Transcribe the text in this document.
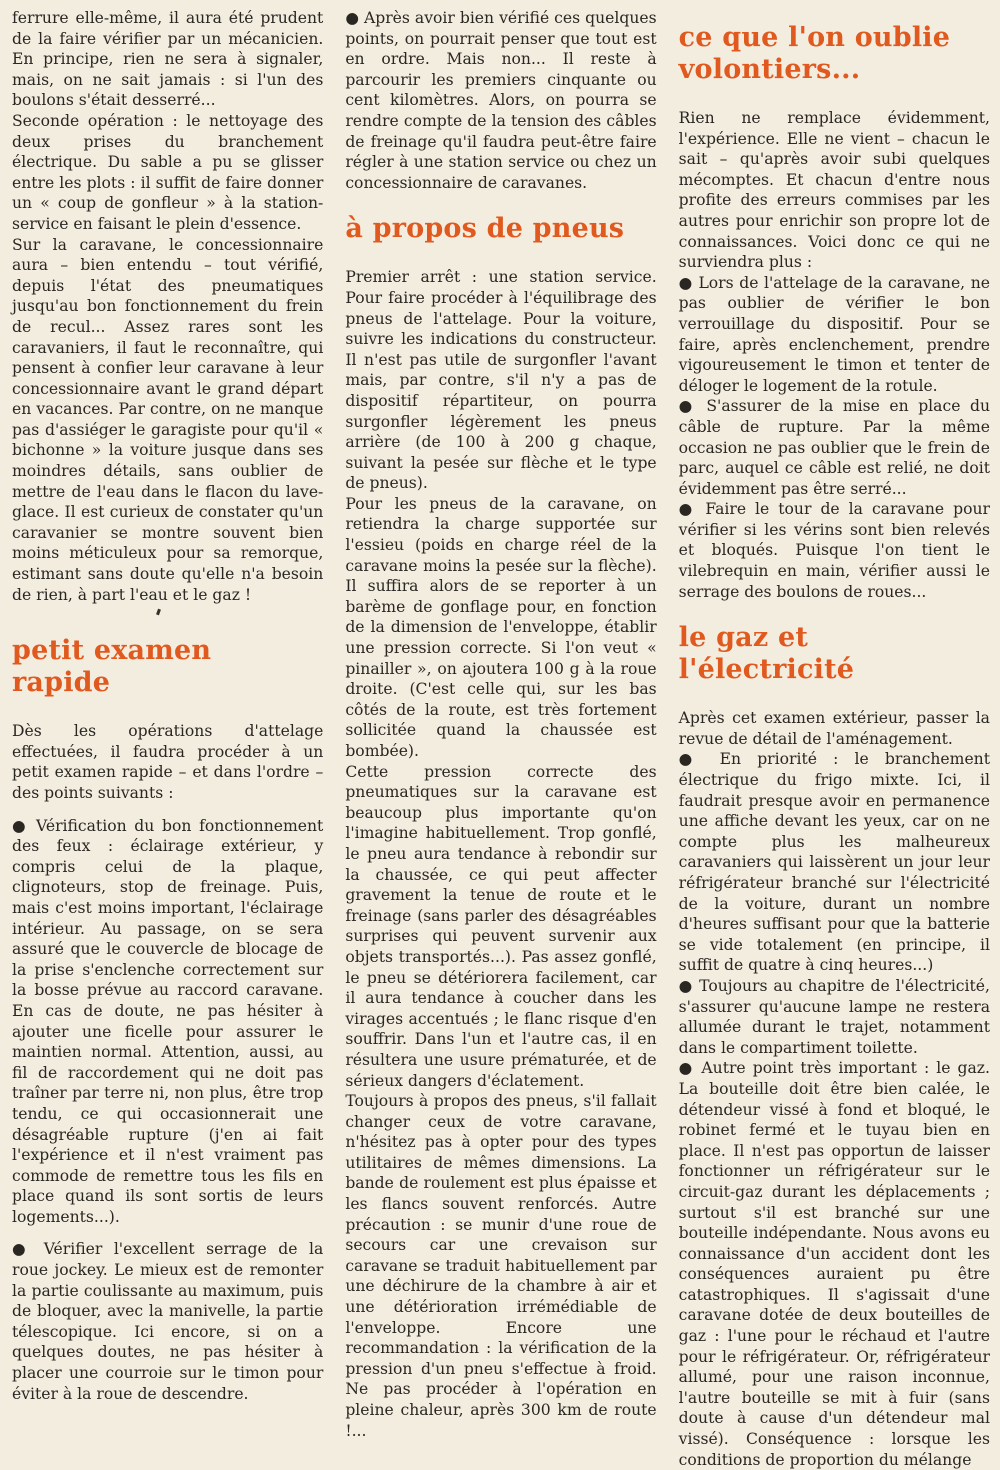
ferrure elle-même, il aura été prudent de la faire vérifier par un mécanicien. En principe, rien ne sera à signaler, mais, on ne sait jamais : si l'un des boulons s'était desserré...

Seconde opération : le nettoyage des deux prises du branchement électrique. Du sable a pu se glisser entre les plots : il suffit de faire donner un « coup de gonfleur » à la station-service en faisant le plein d'essence.

Sur la caravane, le concessionnaire aura – bien entendu – tout vérifié, depuis l'état des pneumatiques jusqu'au bon fonctionnement du frein de recul... Assez rares sont les caravaniers, il faut le reconnaître, qui pensent à confier leur caravane à leur concessionnaire avant le grand départ en vacances. Par contre, on ne manque pas d'assiéger le garagiste pour qu'il « bichonne » la voiture jusque dans ses moindres détails, sans oublier de mettre de l'eau dans le flacon du lave-glace. Il est curieux de constater qu'un caravanier se montre souvent bien moins méticuleux pour sa remorque, estimant sans doute qu'elle n'a besoin de rien, à part l'eau et le gaz !

petit examen rapide

Dès les opérations d'attelage effectuées, il faudra procéder à un petit examen rapide – et dans l'ordre – des points suivants :

● Vérification du bon fonctionnement des feux : éclairage extérieur, y compris celui de la plaque, clignoteurs, stop de freinage. Puis, mais c'est moins important, l'éclairage intérieur. Au passage, on se sera assuré que le couvercle de blocage de la prise s'enclenche correctement sur la bosse prévue au raccord caravane. En cas de doute, ne pas hésiter à ajouter une ficelle pour assurer le maintien normal. Attention, aussi, au fil de raccordement qui ne doit pas traîner par terre ni, non plus, être trop tendu, ce qui occasionnerait une désagréable rupture (j'en ai fait l'expérience et il n'est vraiment pas commode de remettre tous les fils en place quand ils sont sortis de leurs logements...).

● Vérifier l'excellent serrage de la roue jockey. Le mieux est de remonter la partie coulissante au maximum, puis de bloquer, avec la manivelle, la partie télescopique. Ici encore, si on a quelques doutes, ne pas hésiter à placer une courroie sur le timon pour éviter à la roue de descendre.

● Après avoir bien vérifié ces quelques points, on pourrait penser que tout est en ordre. Mais non... Il reste à parcourir les premiers cinquante ou cent kilomètres. Alors, on pourra se rendre compte de la tension des câbles de freinage qu'il faudra peut-être faire régler à une station service ou chez un concessionnaire de caravanes.

à propos de pneus

Premier arrêt : une station service. Pour faire procéder à l'équilibrage des pneus de l'attelage. Pour la voiture, suivre les indications du constructeur. Il n'est pas utile de surgonfler l'avant mais, par contre, s'il n'y a pas de dispositif répartiteur, on pourra surgonfler légèrement les pneus arrière (de 100 à 200 g chaque, suivant la pesée sur flèche et le type de pneus).

Pour les pneus de la caravane, on retiendra la charge supportée sur l'essieu (poids en charge réel de la caravane moins la pesée sur la flèche). Il suffira alors de se reporter à un barème de gonflage pour, en fonction de la dimension de l'enveloppe, établir une pression correcte. Si l'on veut « pinailler », on ajoutera 100 g à la roue droite. (C'est celle qui, sur les bas côtés de la route, est très fortement sollicitée quand la chaussée est bombée).

Cette pression correcte des pneumatiques sur la caravane est beaucoup plus importante qu'on l'imagine habituellement. Trop gonflé, le pneu aura tendance à rebondir sur la chaussée, ce qui peut affecter gravement la tenue de route et le freinage (sans parler des désagréables surprises qui peuvent survenir aux objets transportés...). Pas assez gonflé, le pneu se détériorera facilement, car il aura tendance à coucher dans les virages accentués ; le flanc risque d'en souffrir. Dans l'un et l'autre cas, il en résultera une usure prématurée, et de sérieux dangers d'éclatement.

Toujours à propos des pneus, s'il fallait changer ceux de votre caravane, n'hésitez pas à opter pour des types utilitaires de mêmes dimensions. La bande de roulement est plus épaisse et les flancs souvent renforcés. Autre précaution : se munir d'une roue de secours car une crevaison sur caravane se traduit habituellement par une déchirure de la chambre à air et une détérioration irrémédiable de l'enveloppe. Encore une recommandation : la vérification de la pression d'un pneu s'effectue à froid. Ne pas procéder à l'opération en pleine chaleur, après 300 km de route !...

ce que l'on oublie volontiers...

Rien ne remplace évidemment, l'expérience. Elle ne vient – chacun le sait – qu'après avoir subi quelques mécomptes. Et chacun d'entre nous profite des erreurs commises par les autres pour enrichir son propre lot de connaissances. Voici donc ce qui ne surviendra plus :

● Lors de l'attelage de la caravane, ne pas oublier de vérifier le bon verrouillage du dispositif. Pour se faire, après enclenchement, prendre vigoureusement le timon et tenter de déloger le logement de la rotule.

● S'assurer de la mise en place du câble de rupture. Par la même occasion ne pas oublier que le frein de parc, auquel ce câble est relié, ne doit évidemment pas être serré...

● Faire le tour de la caravane pour vérifier si les vérins sont bien relevés et bloqués. Puisque l'on tient le vilebrequin en main, vérifier aussi le serrage des boulons de roues...

le gaz et l'électricité

Après cet examen extérieur, passer la revue de détail de l'aménagement.

● En priorité : le branchement électrique du frigo mixte. Ici, il faudrait presque avoir en permanence une affiche devant les yeux, car on ne compte plus les malheureux caravaniers qui laissèrent un jour leur réfrigérateur branché sur l'électricité de la voiture, durant un nombre d'heures suffisant pour que la batterie se vide totalement (en principe, il suffit de quatre à cinq heures...)

● Toujours au chapitre de l'électricité, s'assurer qu'aucune lampe ne restera allumée durant le trajet, notamment dans le compartiment toilette.

● Autre point très important : le gaz. La bouteille doit être bien calée, le détendeur vissé à fond et bloqué, le robinet fermé et le tuyau bien en place. Il n'est pas opportun de laisser fonctionner un réfrigérateur sur le circuit-gaz durant les déplacements ; surtout s'il est branché sur une bouteille indépendante. Nous avons eu connaissance d'un accident dont les conséquences auraient pu être catastrophiques. Il s'agissait d'une caravane dotée de deux bouteilles de gaz : l'une pour le réchaud et l'autre pour le réfrigérateur. Or, réfrigérateur allumé, pour une raison inconnue, l'autre bouteille se mit à fuir (sans doute à cause d'un détendeur mal vissé). Conséquence : lorsque les conditions de proportion du mélange
